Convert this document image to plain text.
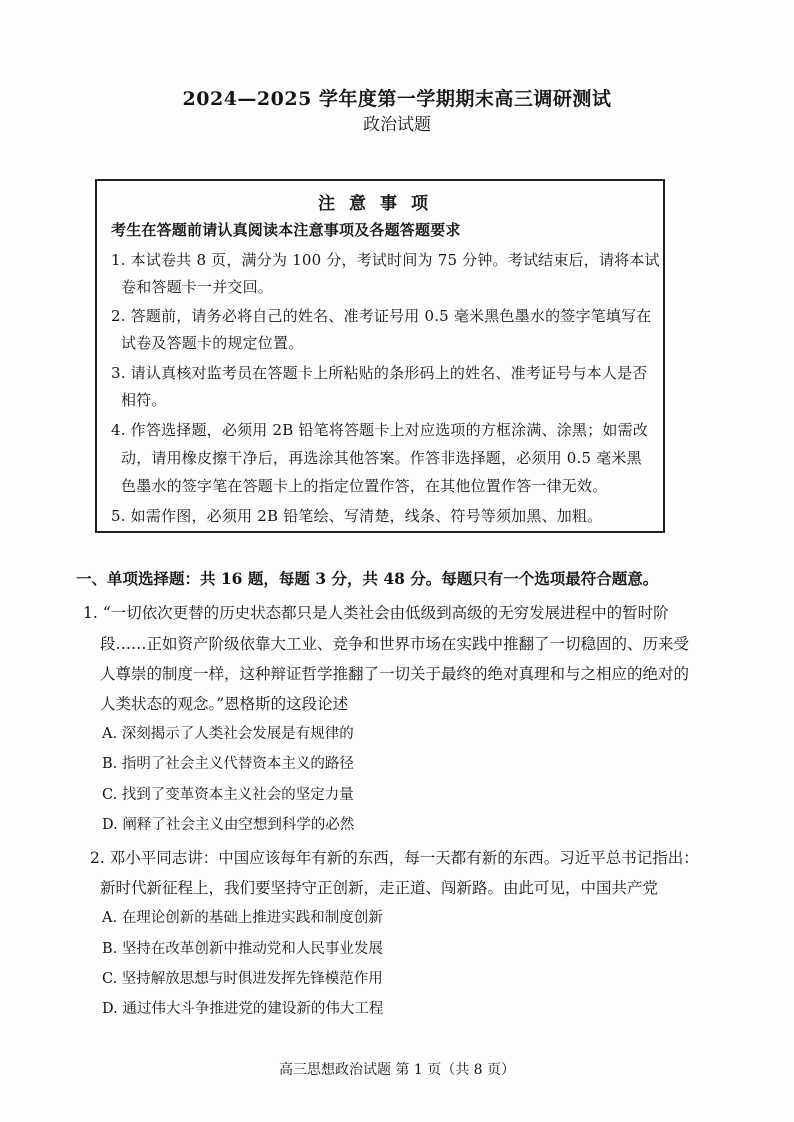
2024—2025 学年度第一学期期末高三调研测试
政治试题
注意事项
考生在答题前请认真阅读本注意事项及各题答题要求
1. 本试卷共 8 页，满分为 100 分，考试时间为 75 分钟。考试结束后，请将本试
卷和答题卡一并交回。
2. 答题前，请务必将自己的姓名、准考证号用 0.5 毫米黑色墨水的签字笔填写在
试卷及答题卡的规定位置。
3. 请认真核对监考员在答题卡上所粘贴的条形码上的姓名、准考证号与本人是否
相符。
4. 作答选择题，必须用 2B 铅笔将答题卡上对应选项的方框涂满、涂黑；如需改
动，请用橡皮擦干净后，再选涂其他答案。作答非选择题，必须用 0.5 毫米黑
色墨水的签字笔在答题卡上的指定位置作答，在其他位置作答一律无效。
5. 如需作图，必须用 2B 铅笔绘、写清楚，线条、符号等须加黑、加粗。
一、单项选择题：共 16 题，每题 3 分，共 48 分。每题只有一个选项最符合题意。
1. “一切依次更替的历史状态都只是人类社会由低级到高级的无穷发展进程中的暂时阶
段……正如资产阶级依靠大工业、竞争和世界市场在实践中推翻了一切稳固的、历来受
人尊崇的制度一样，这种辩证哲学推翻了一切关于最终的绝对真理和与之相应的绝对的
人类状态的观念。”恩格斯的这段论述
A. 深刻揭示了人类社会发展是有规律的
B. 指明了社会主义代替资本主义的路径
C. 找到了变革资本主义社会的坚定力量
D. 阐释了社会主义由空想到科学的必然
2. 邓小平同志讲：中国应该每年有新的东西，每一天都有新的东西。习近平总书记指出：
新时代新征程上，我们要坚持守正创新，走正道、闯新路。由此可见，中国共产党
A. 在理论创新的基础上推进实践和制度创新
B. 坚持在改革创新中推动党和人民事业发展
C. 坚持解放思想与时俱进发挥先锋模范作用
D. 通过伟大斗争推进党的建设新的伟大工程
高三思想政治试题 第 1 页（共 8 页）
